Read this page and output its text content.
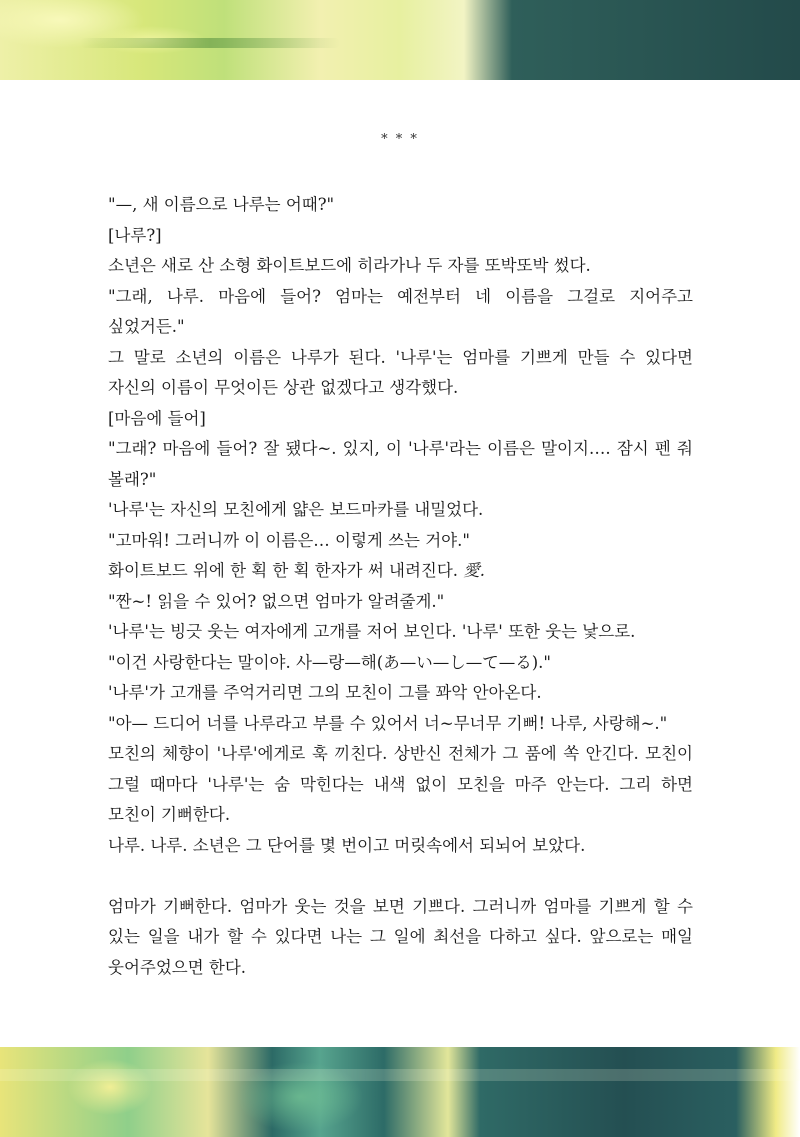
* * *

"—, 새 이름으로 나루는 어때?"

[나루?]

소년은 새로 산 소형 화이트보드에 히라가나 두 자를 또박또박 썼다.

"그래, 나루. 마음에 들어? 엄마는 예전부터 네 이름을 그걸로 지어주고 싶었거든."

그 말로 소년의 이름은 나루가 된다. '나루'는 엄마를 기쁘게 만들 수 있다면 자신의 이름이 무엇이든 상관 없겠다고 생각했다.

[마음에 들어]

"그래? 마음에 들어? 잘 됐다~. 있지, 이 '나루'라는 이름은 말이지…. 잠시 펜 줘 볼래?"

'나루'는 자신의 모친에게 얇은 보드마카를 내밀었다.

"고마워! 그러니까 이 이름은… 이렇게 쓰는 거야."

화이트보드 위에 한 획 한 획 한자가 써 내려진다. 愛.

"짠~! 읽을 수 있어? 없으면 엄마가 알려줄게."

'나루'는 빙긋 웃는 여자에게 고개를 저어 보인다. '나루' 또한 웃는 낯으로.

"이건 사랑한다는 말이야. 사—랑—해(あ—い—し—て—る)."

'나루'가 고개를 주억거리면 그의 모친이 그를 꽈악 안아온다.

"아— 드디어 너를 나루라고 부를 수 있어서 너~무너무 기뻐! 나루, 사랑해~."

모친의 체향이 '나루'에게로 훅 끼친다. 상반신 전체가 그 품에 쏙 안긴다. 모친이 그럴 때마다 '나루'는 숨 막힌다는 내색 없이 모친을 마주 안는다. 그리 하면 모친이 기뻐한다.

나루. 나루. 소년은 그 단어를 몇 번이고 머릿속에서 되뇌어 보았다.

엄마가 기뻐한다. 엄마가 웃는 것을 보면 기쁘다. 그러니까 엄마를 기쁘게 할 수 있는 일을 내가 할 수 있다면 나는 그 일에 최선을 다하고 싶다. 앞으로는 매일 웃어주었으면 한다.
